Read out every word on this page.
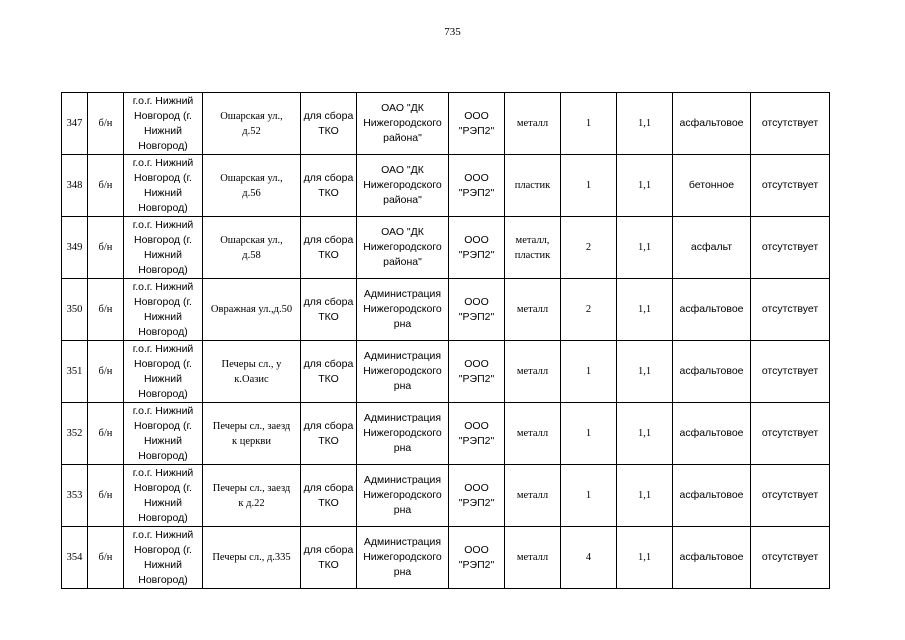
735
347	б/н	г.о.г. Нижний
Новгород (г.
Нижний
Новгород)	Ошарская ул.,
д.52	для сбора
ТКО	ОАО "ДК
Нижегородского
района"	ООО
"РЭП2"	металл	1	1,1	асфальтовое	отсутствует
348	б/н	г.о.г. Нижний
Новгород (г.
Нижний
Новгород)	Ошарская ул.,
д.56	для сбора
ТКО	ОАО "ДК
Нижегородского
района"	ООО
"РЭП2"	пластик	1	1,1	бетонное	отсутствует
349	б/н	г.о.г. Нижний
Новгород (г.
Нижний
Новгород)	Ошарская ул.,
д.58	для сбора
ТКО	ОАО "ДК
Нижегородского
района"	ООО
"РЭП2"	металл,
пластик	2	1,1	асфальт	отсутствует
350	б/н	г.о.г. Нижний
Новгород (г.
Нижний
Новгород)	Овражная ул.,д.50	для сбора
ТКО	Администрация
Нижегородского
рна	ООО
"РЭП2"	металл	2	1,1	асфальтовое	отсутствует
351	б/н	г.о.г. Нижний
Новгород (г.
Нижний
Новгород)	Печеры сл., у
к.Оазис	для сбора
ТКО	Администрация
Нижегородского
рна	ООО
"РЭП2"	металл	1	1,1	асфальтовое	отсутствует
352	б/н	г.о.г. Нижний
Новгород (г.
Нижний
Новгород)	Печеры сл., заезд
к церкви	для сбора
ТКО	Администрация
Нижегородского
рна	ООО
"РЭП2"	металл	1	1,1	асфальтовое	отсутствует
353	б/н	г.о.г. Нижний
Новгород (г.
Нижний
Новгород)	Печеры сл., заезд
к д.22	для сбора
ТКО	Администрация
Нижегородского
рна	ООО
"РЭП2"	металл	1	1,1	асфальтовое	отсутствует
354	б/н	г.о.г. Нижний
Новгород (г.
Нижний
Новгород)	Печеры сл., д.335	для сбора
ТКО	Администрация
Нижегородского
рна	ООО
"РЭП2"	металл	4	1,1	асфальтовое	отсутствует
